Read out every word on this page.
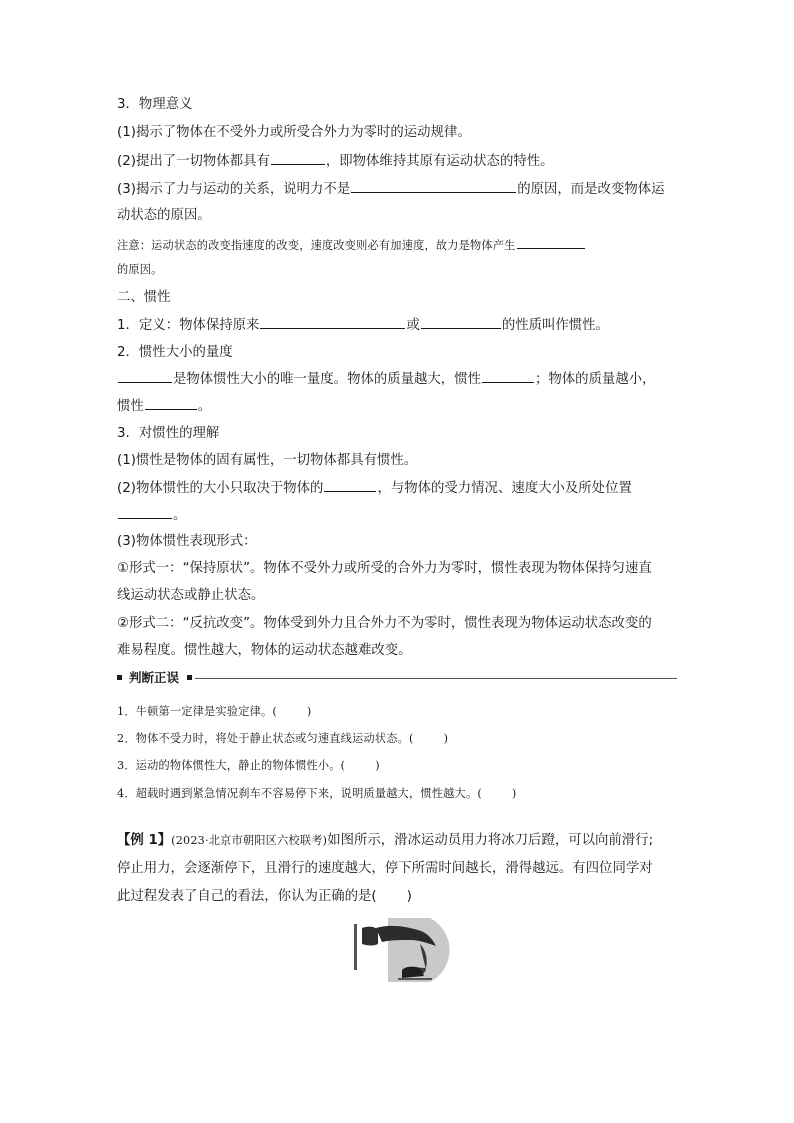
3．物理意义
(1)揭示了物体在不受外力或所受合外力为零时的运动规律。
(2)提出了一切物体都具有	，即物体维持其原有运动状态的特性。
(3)揭示了力与运动的关系，说明力不是	的原因，而是改变物体运
动状态的原因。
注意：运动状态的改变指速度的改变，速度改变则必有加速度，故力是物体产生
的原因。
二、惯性
1．定义：物体保持原来	或	的性质叫作惯性。
2．惯性大小的量度
是物体惯性大小的唯一量度。物体的质量越大，惯性	；物体的质量越小，
惯性	。
3．对惯性的理解
(1)惯性是物体的固有属性，一切物体都具有惯性。
(2)物体惯性的大小只取决于物体的	，与物体的受力情况、速度大小及所处位置
。
(3)物体惯性表现形式：
①形式一：“保持原状”。物体不受外力或所受的合外力为零时，惯性表现为物体保持匀速直
线运动状态或静止状态。
②形式二：“反抗改变”。物体受到外力且合外力不为零时，惯性表现为物体运动状态改变的
难易程度。惯性越大，物体的运动状态越难改变。
判断正误
1．牛顿第一定律是实验定律。(	)
2．物体不受力时，将处于静止状态或匀速直线运动状态。(	)
3．运动的物体惯性大，静止的物体惯性小。(	)
4．超载时遇到紧急情况刹车不容易停下来，说明质量越大，惯性越大。(	)
【例 1】(2023·北京市朝阳区六校联考)如图所示，滑冰运动员用力将冰刀后蹬，可以向前滑行;
停止用力，会逐渐停下，且滑行的速度越大，停下所需时间越长，滑得越远。有四位同学对
此过程发表了自己的看法，你认为正确的是( )
